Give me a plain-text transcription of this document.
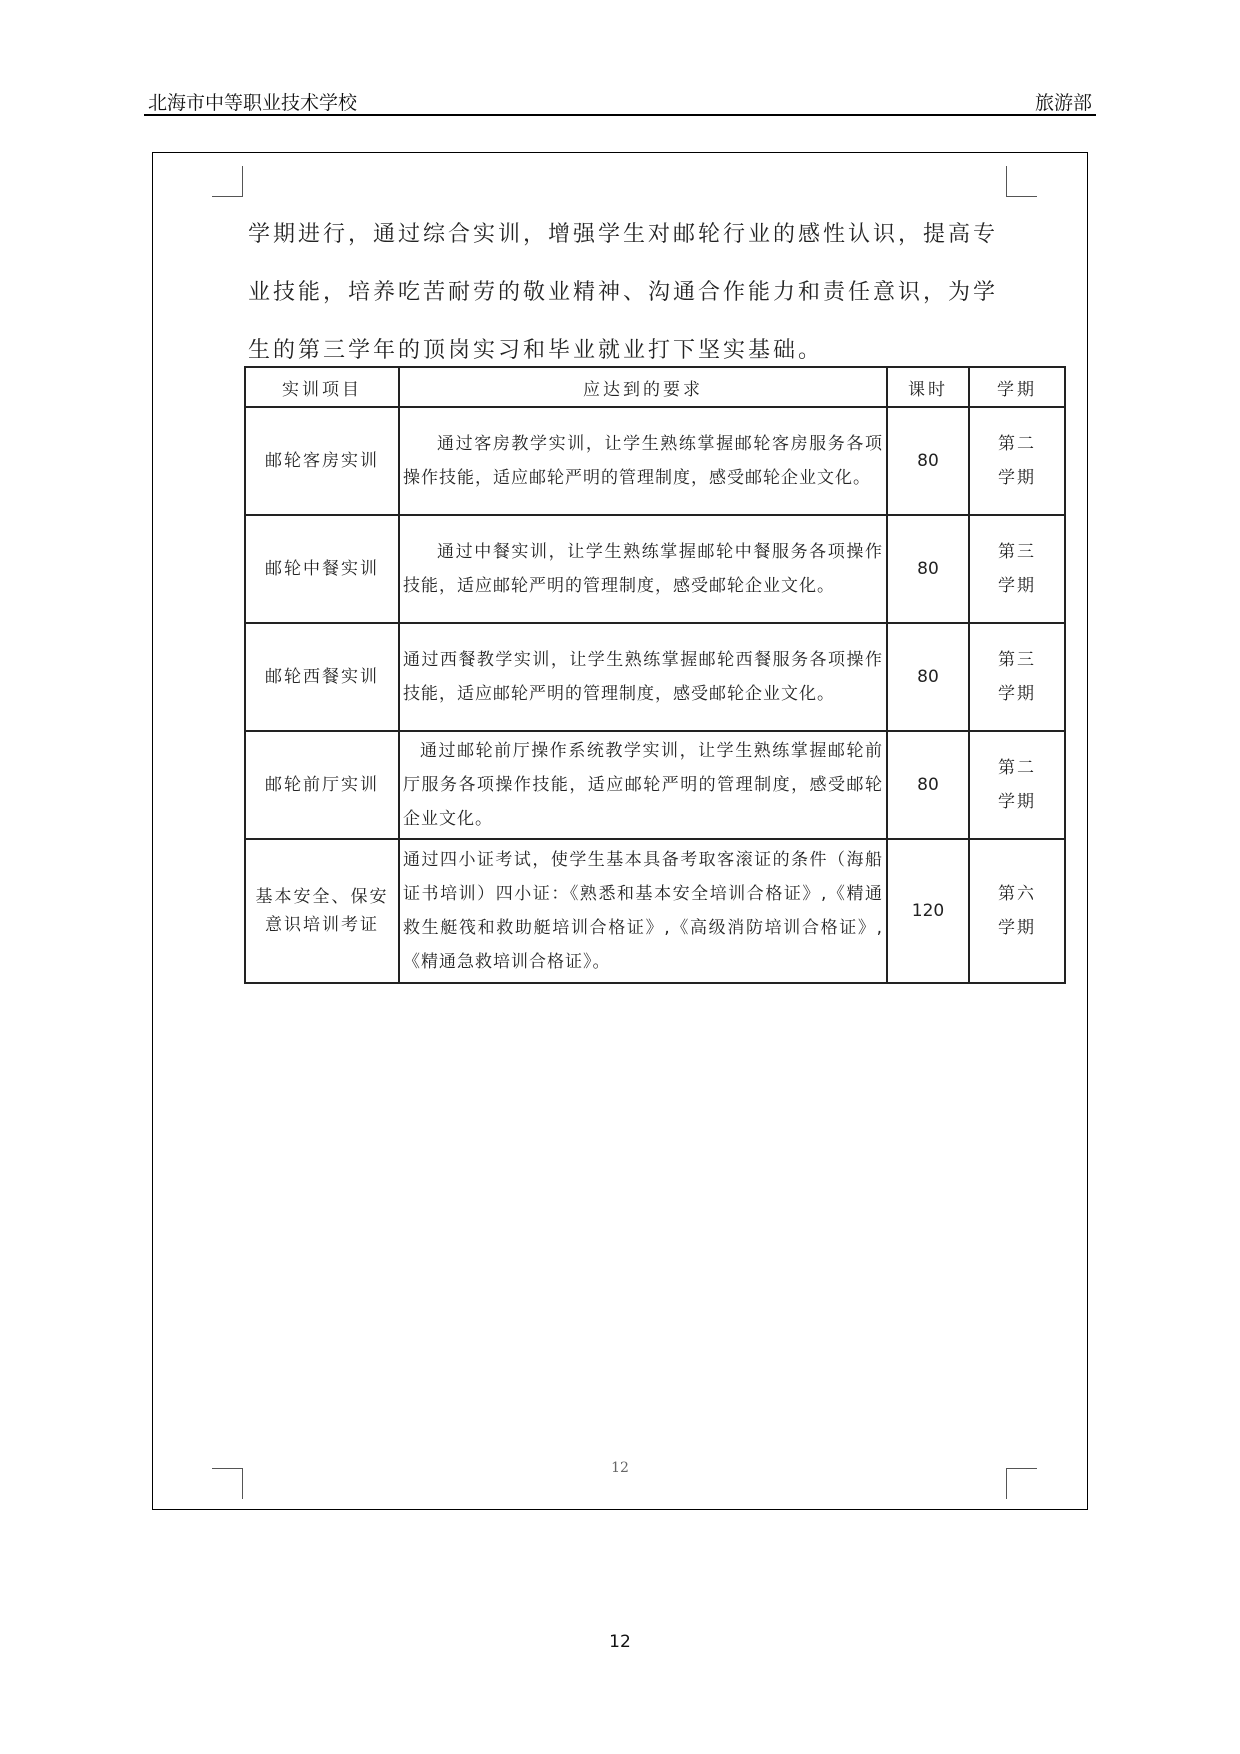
北海市中等职业技术学校	旅游部

学期进行，通过综合实训，增强学生对邮轮行业的感性认识，提高专

业技能，培养吃苦耐劳的敬业精神、沟通合作能力和责任意识，为学

生的第三学年的顶岗实习和毕业就业打下坚实基础。

实训项目	应达到的要求	课时	学期
邮轮客房实训	通过客房教学实训，让学生熟练掌握邮轮客房服务各项操作技能，适应邮轮严明的管理制度，感受邮轮企业文化。	80	第二
学期
邮轮中餐实训	通过中餐实训，让学生熟练掌握邮轮中餐服务各项操作技能，适应邮轮严明的管理制度，感受邮轮企业文化。	80	第三
学期
邮轮西餐实训	通过西餐教学实训，让学生熟练掌握邮轮西餐服务各项操作技能，适应邮轮严明的管理制度，感受邮轮企业文化。	80	第三
学期
邮轮前厅实训	通过邮轮前厅操作系统教学实训，让学生熟练掌握邮轮前厅服务各项操作技能，适应邮轮严明的管理制度，感受邮轮企业文化。	80	第二
学期
基本安全、保安意识培训考证	通过四小证考试，使学生基本具备考取客滚证的条件（海船证书培训）四小证：《熟悉和基本安全培训合格证》,《精通救生艇筏和救助艇培训合格证》,《高级消防培训合格证》,《精通急救培训合格证》。	120	第六
学期
12
12
